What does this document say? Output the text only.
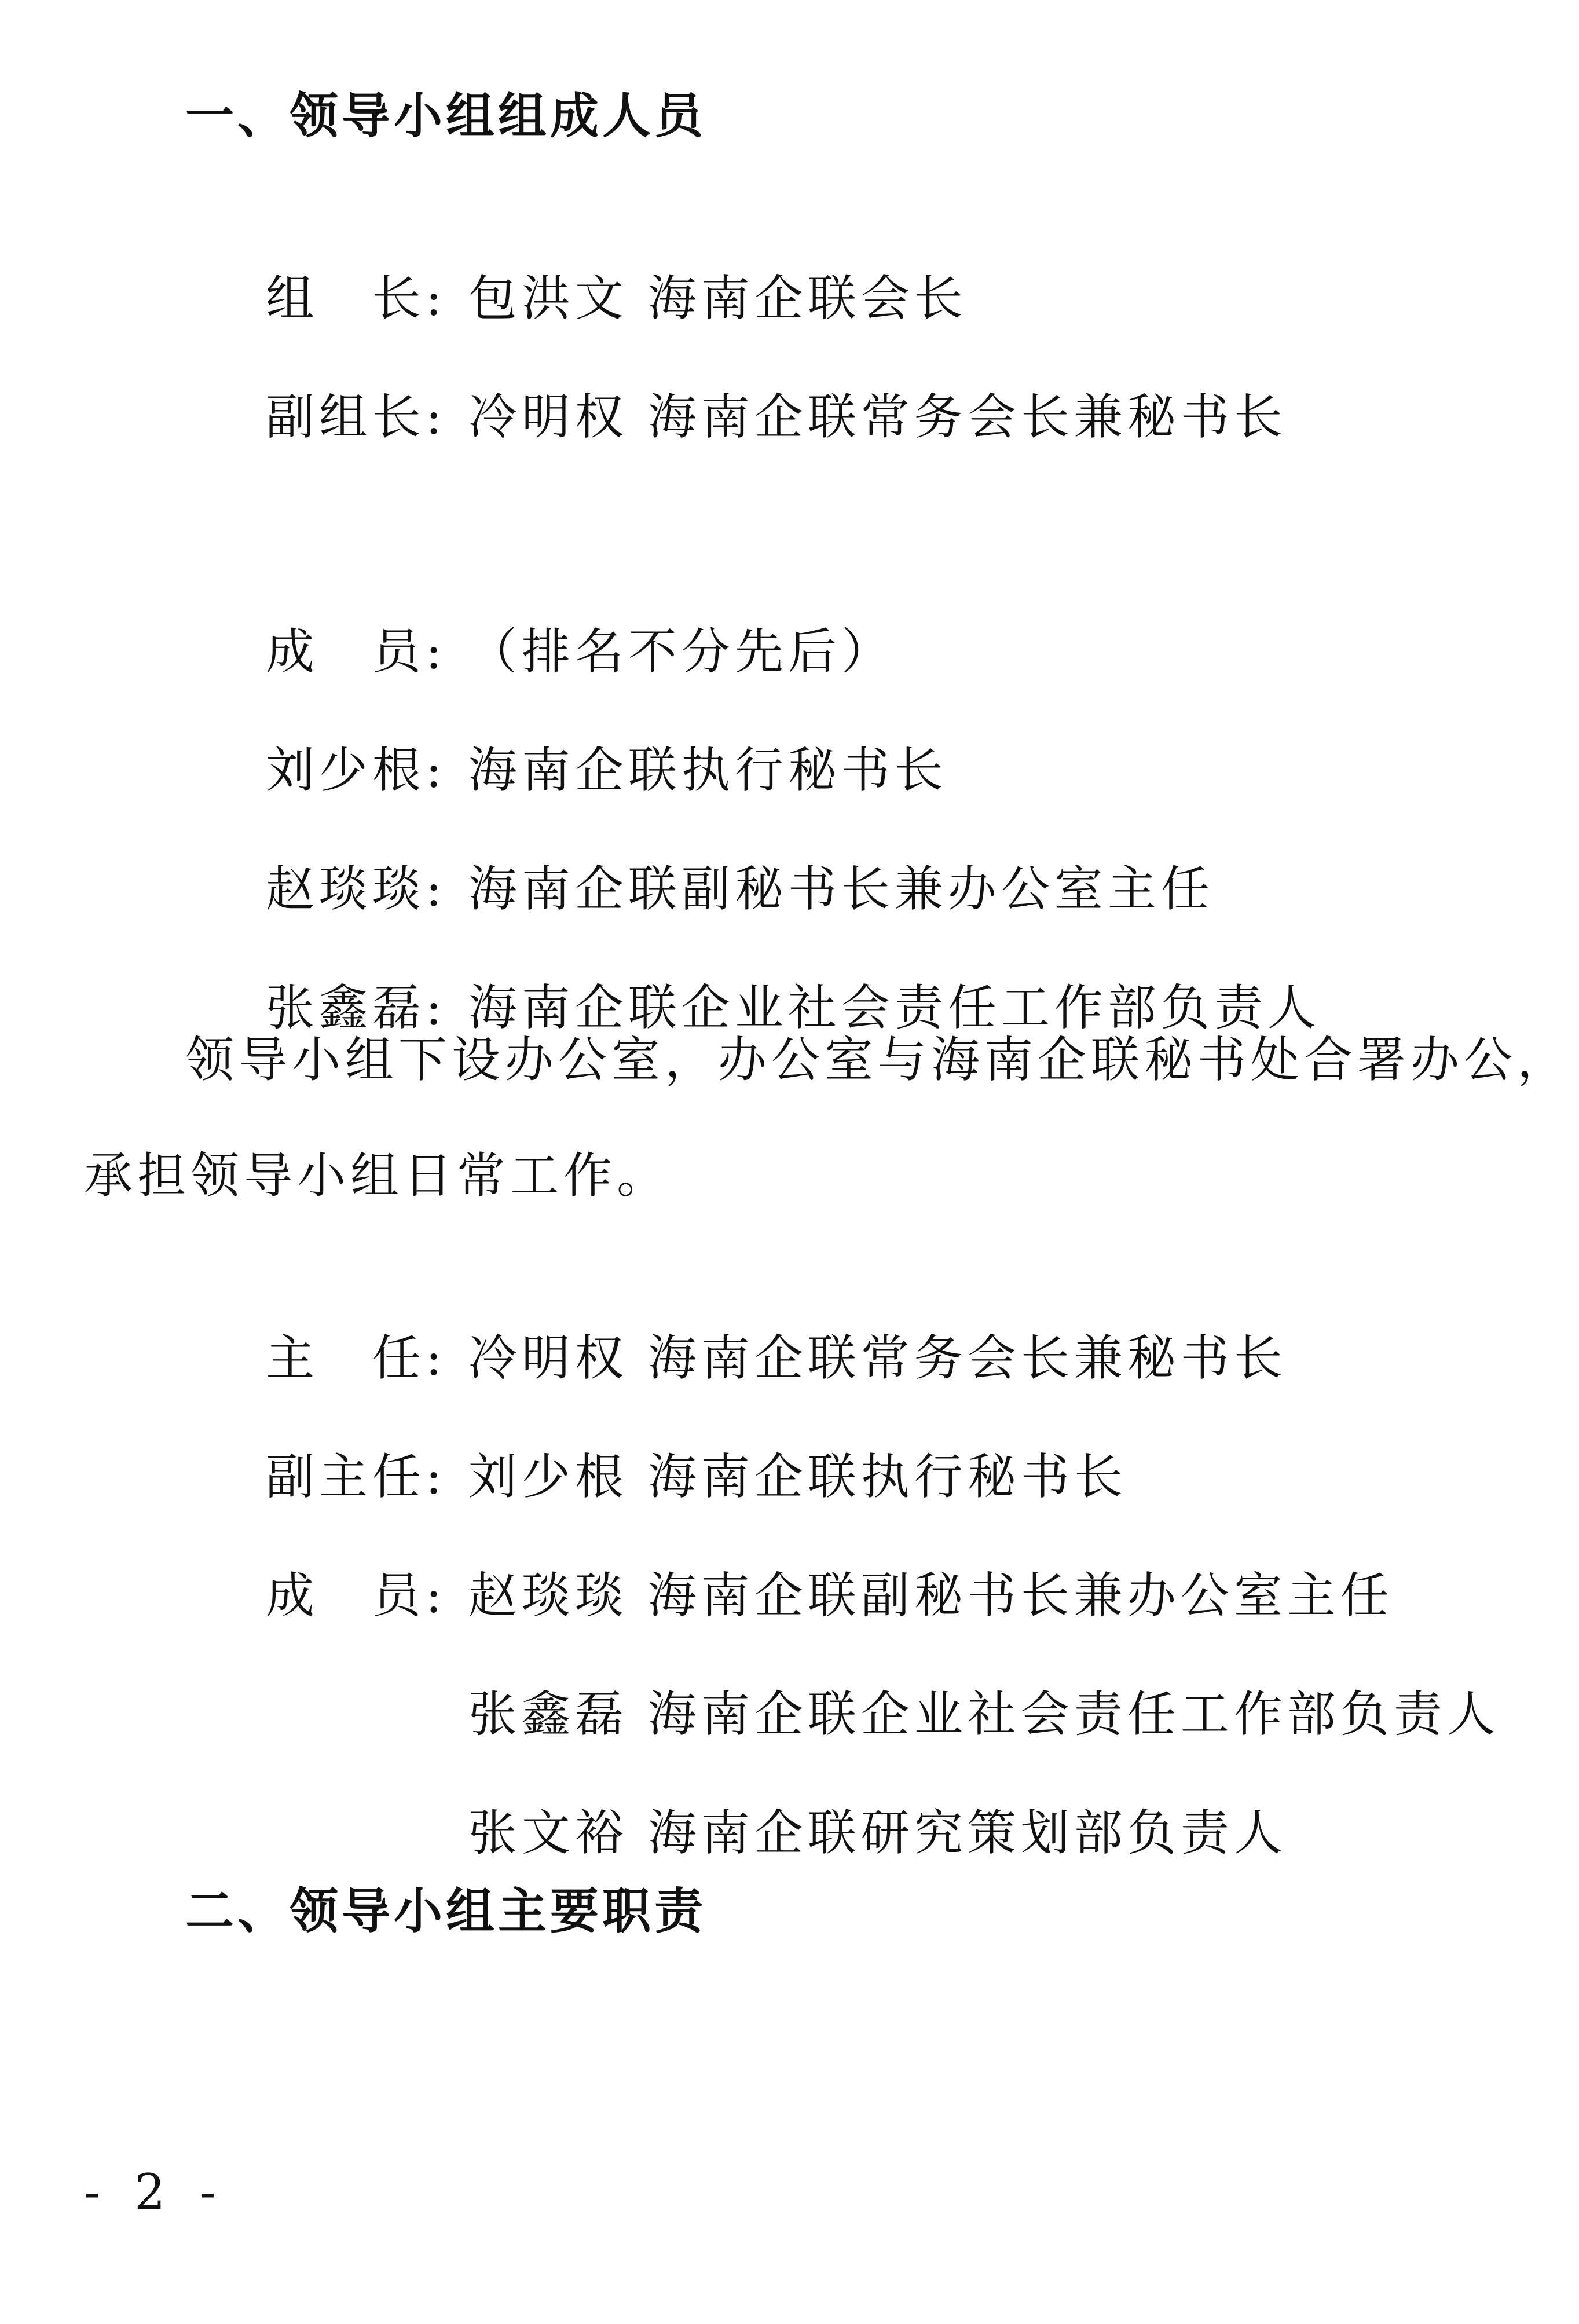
一、领导小组组成人员

组　长: 包洪文 海南企联会长

副组长: 冷明权 海南企联常务会长兼秘书长

成　员: （排名不分先后）

刘少根: 海南企联执行秘书长

赵琰琰: 海南企联副秘书长兼办公室主任

张鑫磊: 海南企联企业社会责任工作部负责人

领导小组下设办公室，办公室与海南企联秘书处合署办公，
承担领导小组日常工作。

主　任: 冷明权 海南企联常务会长兼秘书长

副主任: 刘少根 海南企联执行秘书长

成　员: 赵琰琰 海南企联副秘书长兼办公室主任

张鑫磊 海南企联企业社会责任工作部负责人

张文裕 海南企联研究策划部负责人

二、领导小组主要职责
- 2 -
